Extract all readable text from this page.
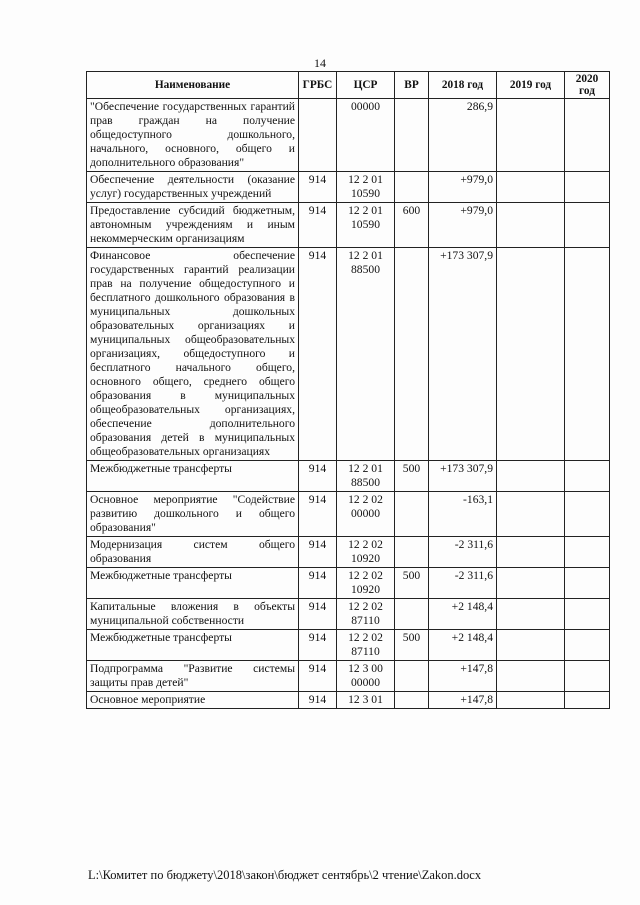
14
Наименование	ГРБС	ЦСР	ВР	2018 год	2019 год	2020 год
"Обеспечение государственных гарантий прав граждан на получение общедоступного дошкольного, начального, основного, общего и дополнительного образования"		00000		286,9		
Обеспечение деятельности (оказание услуг) государственных учреждений	914	12 2 01 10590		+979,0		
Предоставление субсидий бюджетным, автономным учреждениям и иным некоммерческим организациям	914	12 2 01 10590	600	+979,0		
Финансовое обеспечение государственных гарантий реализации прав на получение общедоступного и бесплатного дошкольного образования в муниципальных дошкольных образовательных организациях и муниципальных общеобразовательных организациях, общедоступного и бесплатного начального общего, основного общего, среднего общего образования в муниципальных общеобразовательных организациях, обеспечение дополнительного образования детей в муниципальных общеобразовательных организациях	914	12 2 01 88500		+173 307,9		
Межбюджетные трансферты	914	12 2 01 88500	500	+173 307,9		
Основное мероприятие "Содействие развитию дошкольного и общего образования"	914	12 2 02 00000		-163,1		
Модернизация систем общего образования	914	12 2 02 10920		-2 311,6		
Межбюджетные трансферты	914	12 2 02 10920	500	-2 311,6		
Капитальные вложения в объекты муниципальной собственности	914	12 2 02 87110		+2 148,4		
Межбюджетные трансферты	914	12 2 02 87110	500	+2 148,4		
Подпрограмма "Развитие системы защиты прав детей"	914	12 3 00 00000		+147,8		
Основное мероприятие	914	12 3 01		+147,8		
L:\Комитет по бюджету\2018\закон\бюджет сентябрь\2 чтение\Zakon.docx
